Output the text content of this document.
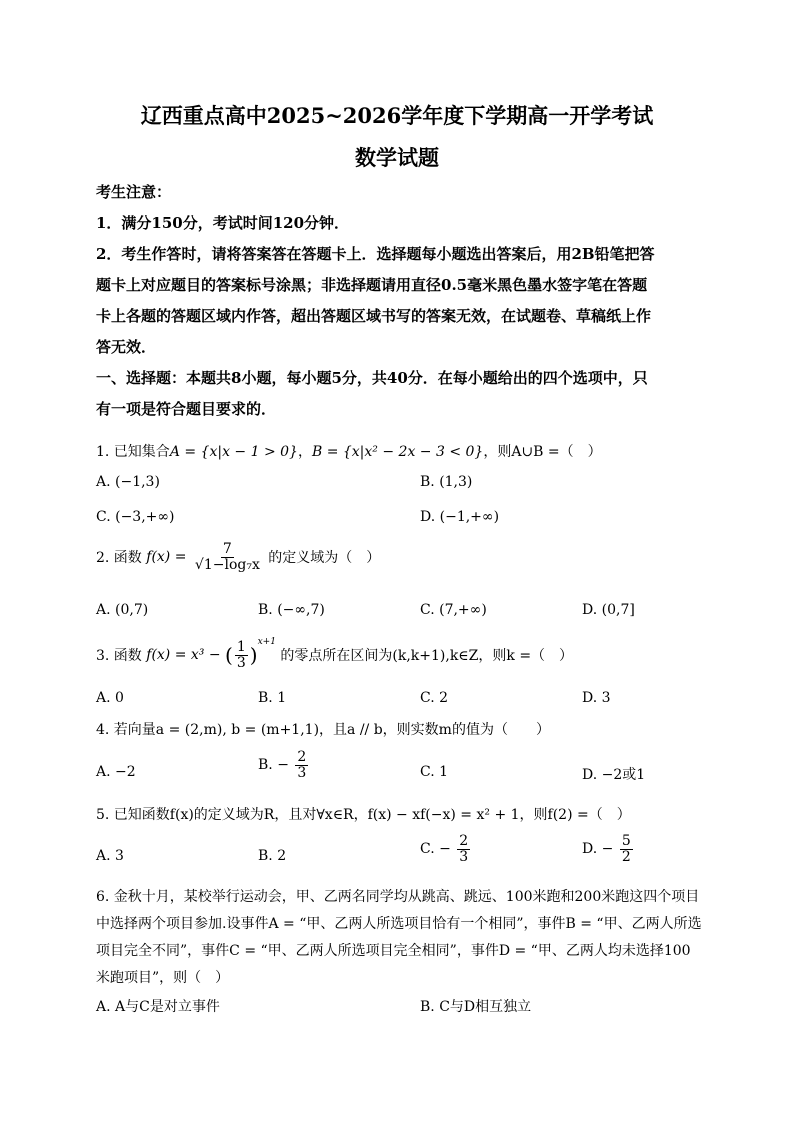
辽西重点高中2025~2026学年度下学期高一开学考试
数学试题
考生注意：
1．满分150分，考试时间120分钟．
2．考生作答时，请将答案答在答题卡上．选择题每小题选出答案后，用2B铅笔把答
题卡上对应题目的答案标号涂黑；非选择题请用直径0.5毫米黑色墨水签字笔在答题
卡上各题的答题区域内作答，超出答题区域书写的答案无效，在试题卷、草稿纸上作
答无效．
一、选择题：本题共8小题，每小题5分，共40分．在每小题给出的四个选项中，只
有一项是符合题目要求的．
1. 已知集合A = {x|x − 1 > 0}，B = {x|x² − 2x − 3 < 0}，则A∪B =（　）
A. (−1,3)	B. (1,3)
C. (−3,+∞)	D. (−1,+∞)
2. 函数 $f(x) = \frac{7}{\text{√1−log₇x}}$ 的定义域为（　）
A. (0,7)	B. (−∞,7)	C. (7,+∞)	D. (0,7]
3. 函数 f(x) = x³ − ( $\frac{1}{3} )^{x+1}$ 的零点所在区间为(k,k+1),k∈Z，则k =（　）
A. 0	B. 1	C. 2	D. 3
4. 若向量a = (2,m), b = (m+1,1)，且a // b，则实数m的值为（　　）
A. −2	B. − $\frac{2}{3}$	C. 1	D. −2或1
5. 已知函数f(x)的定义域为R，且对∀x∈R，f(x) − xf(−x) = x² + 1，则f(2) =（　）
A. 3	B. 2	C. − $\frac{2}{3}$	D. − $\frac{5}{2}$
6. 金秋十月，某校举行运动会，甲、乙两名同学均从跳高、跳远、100米跑和200米跑这四个项目
中选择两个项目参加.设事件A = “甲、乙两人所选项目恰有一个相同”，事件B = “甲、乙两人所选
项目完全不同”，事件C = “甲、乙两人所选项目完全相同”，事件D = “甲、乙两人均未选择100
米跑项目”，则（　）
A. A与C是对立事件	B. C与D相互独立
